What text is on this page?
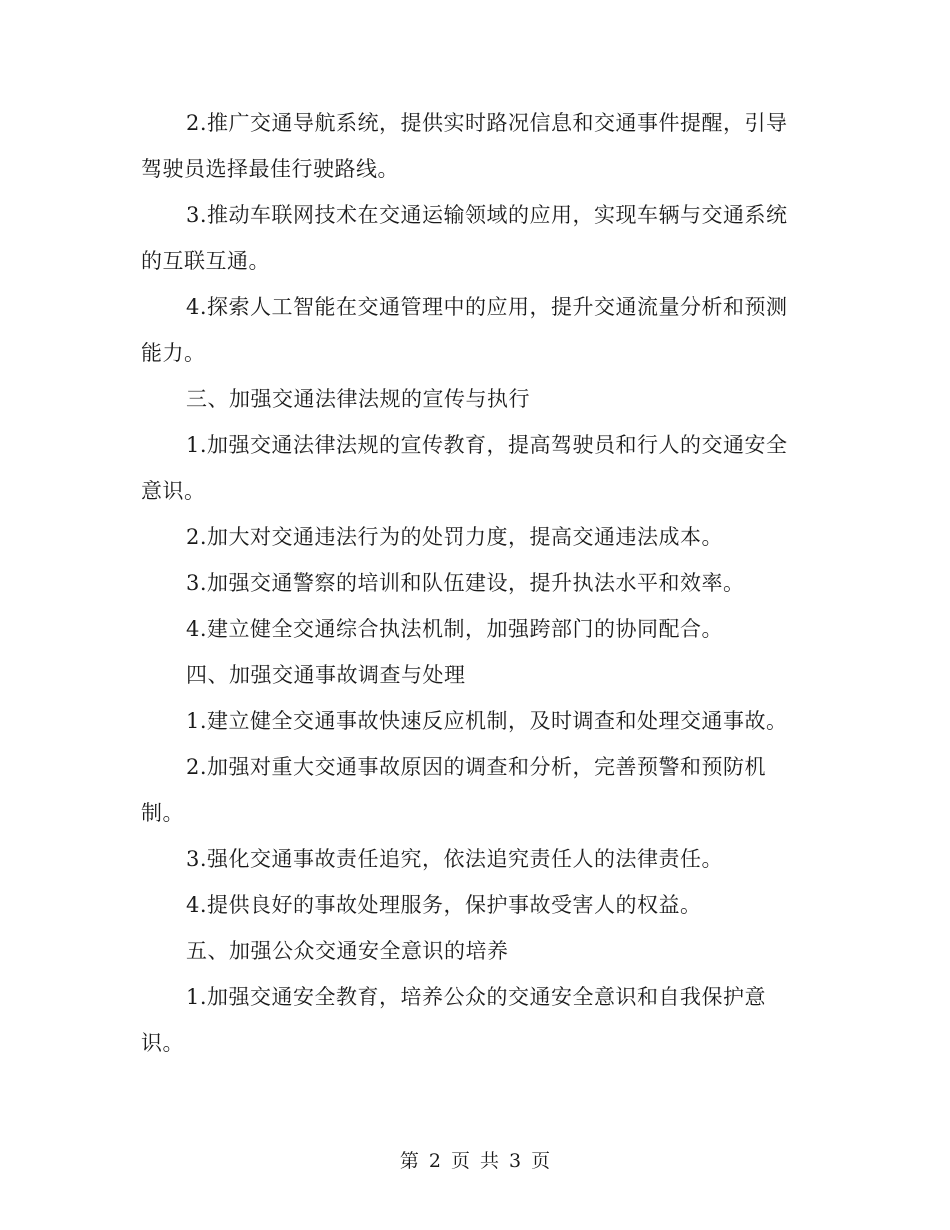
2.推广交通导航系统，提供实时路况信息和交通事件提醒，引导驾驶员选择最佳行驶路线。

3.推动车联网技术在交通运输领域的应用，实现车辆与交通系统的互联互通。

4.探索人工智能在交通管理中的应用，提升交通流量分析和预测能力。

三、加强交通法律法规的宣传与执行

1.加强交通法律法规的宣传教育，提高驾驶员和行人的交通安全意识。

2.加大对交通违法行为的处罚力度，提高交通违法成本。

3.加强交通警察的培训和队伍建设，提升执法水平和效率。

4.建立健全交通综合执法机制，加强跨部门的协同配合。

四、加强交通事故调查与处理

1.建立健全交通事故快速反应机制，及时调查和处理交通事故。

2.加强对重大交通事故原因的调查和分析，完善预警和预防机制。

3.强化交通事故责任追究，依法追究责任人的法律责任。

4.提供良好的事故处理服务，保护事故受害人的权益。

五、加强公众交通安全意识的培养

1.加强交通安全教育，培养公众的交通安全意识和自我保护意识。

第 2 页 共 3 页
